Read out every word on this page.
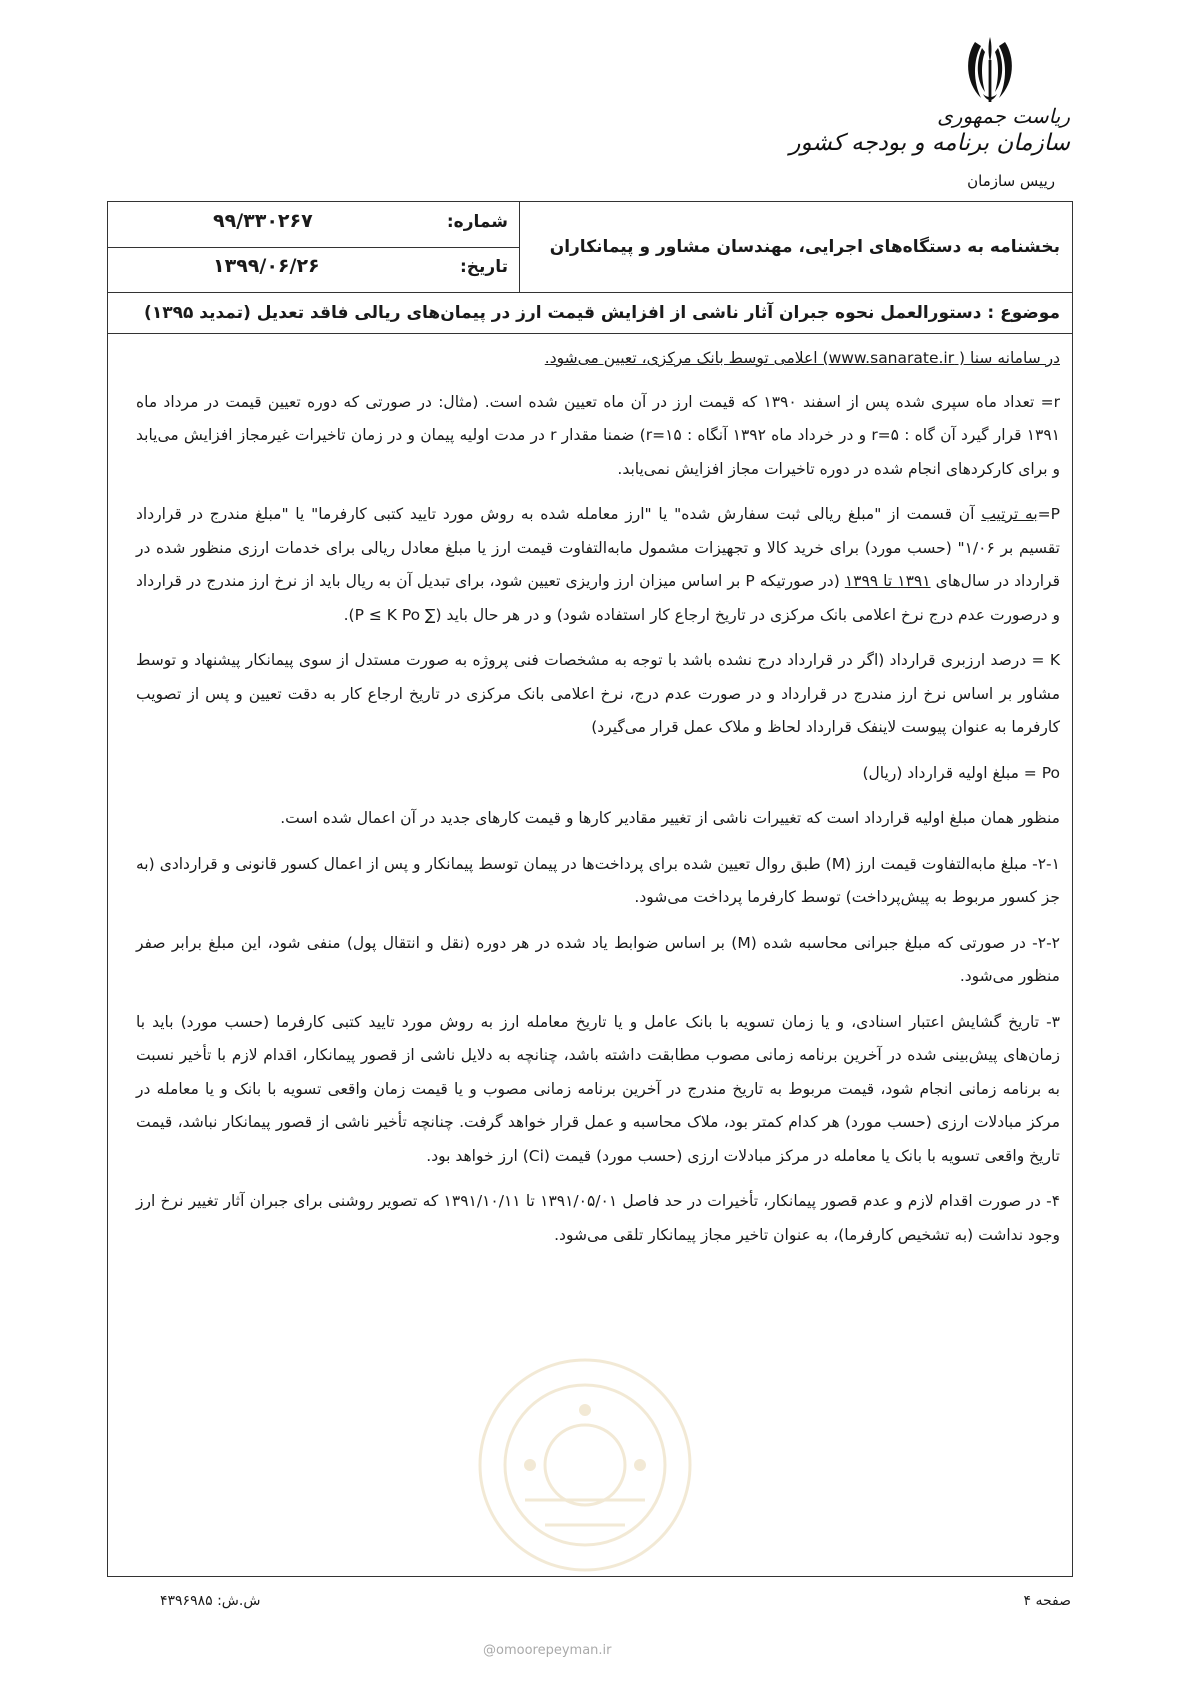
ریاست جمهوری
سازمان برنامه و بودجه کشور
رییس سازمان
بخشنامه به دستگاه‌های اجرایی، مهندسان مشاور و پیمانکاران
شماره:
۹۹/۳۳۰۲۶۷
تاریخ:
۱۳۹۹/۰۶/۲۶
موضوع : دستورالعمل نحوه جبران آثار ناشی از افزایش قیمت ارز در پیمان‌های ریالی فاقد تعدیل (تمدید ۱۳۹۵)

در سامانه سنا ( www.sanarate.ir) اعلامی توسط بانک مرکزی، تعیین می‌شود.

r= تعداد ماه سپری شده پس از اسفند ۱۳۹۰ که قیمت ارز در آن ماه تعیین شده است. (مثال: در صورتی که دوره تعیین قیمت در مرداد ماه ۱۳۹۱ قرار گیرد آن گاه : r=۵ و در خرداد ماه ۱۳۹۲ آنگاه : r=۱۵) ضمنا مقدار r در مدت اولیه پیمان و در زمان تاخیرات غیرمجاز افزایش می‌یابد و برای کارکردهای انجام شده در دوره تاخیرات مجاز افزایش نمی‌یابد.

P=به ترتیب آن قسمت از "مبلغ ریالی ثبت سفارش شده" یا "ارز معامله شده به روش مورد تایید کتبی کارفرما" یا "مبلغ مندرج در قرارداد تقسیم بر ۱/۰۶" (حسب مورد) برای خرید کالا و تجهیزات مشمول مابه‌التفاوت قیمت ارز یا مبلغ معادل ریالی برای خدمات ارزی منظور شده در قرارداد در سال‌های ۱۳۹۱ تا ۱۳۹۹ (در صورتیکه P بر اساس میزان ارز واریزی تعیین شود، برای تبدیل آن به ریال باید از نرخ ارز مندرج در قرارداد و درصورت عدم درج نرخ اعلامی بانک مرکزی در تاریخ ارجاع کار استفاده شود) و در هر حال باید (∑ P ≤ K Po).

K = درصد ارزبری قرارداد (اگر در قرارداد درج نشده باشد با توجه به مشخصات فنی پروژه به صورت مستدل از سوی پیمانکار پیشنهاد و توسط مشاور بر اساس نرخ ارز مندرج در قرارداد و در صورت عدم درج، نرخ اعلامی بانک مرکزی در تاریخ ارجاع کار به دقت تعیین و پس از تصویب کارفرما به عنوان پیوست لاینفک قرارداد لحاظ و ملاک عمل قرار می‌گیرد)

Po = مبلغ اولیه قرارداد (ریال)

منظور همان مبلغ اولیه قرارداد است که تغییرات ناشی از تغییر مقادیر کارها و قیمت کارهای جدید در آن اعمال شده است.

۲-۱- مبلغ مابه‌التفاوت قیمت ارز (M) طبق روال تعیین شده برای پرداخت‌ها در پیمان توسط پیمانکار و پس از اعمال کسور قانونی و قراردادی (به جز کسور مربوط به پیش‌پرداخت) توسط کارفرما پرداخت می‌شود.

۲-۲- در صورتی که مبلغ جبرانی محاسبه شده (M) بر اساس ضوابط یاد شده در هر دوره (نقل و انتقال پول) منفی شود، این مبلغ برابر صفر منظور می‌شود.

۳- تاریخ گشایش اعتبار اسنادی، و یا زمان تسویه با بانک عامل و یا تاریخ معامله ارز به روش مورد تایید کتبی کارفرما (حسب مورد) باید با زمان‌های پیش‌بینی شده در آخرین برنامه زمانی مصوب مطابقت داشته باشد، چنانچه به دلایل ناشی از قصور پیمانکار، اقدام لازم با تأخیر نسبت به برنامه زمانی انجام شود، قیمت مربوط به تاریخ مندرج در آخرین برنامه زمانی مصوب و یا قیمت زمان واقعی تسویه با بانک و یا معامله در مرکز مبادلات ارزی (حسب مورد) هر کدام کمتر بود، ملاک محاسبه و عمل قرار خواهد گرفت. چنانچه تأخیر ناشی از قصور پیمانکار نباشد، قیمت تاریخ واقعی تسویه با بانک یا معامله در مرکز مبادلات ارزی (حسب مورد) قیمت (Ci) ارز خواهد بود.

۴- در صورت اقدام لازم و عدم قصور پیمانکار، تأخیرات در حد فاصل ۱۳۹۱/۰۵/۰۱ تا ۱۳۹۱/۱۰/۱۱ که تصویر روشنی برای جبران آثار تغییر نرخ ارز وجود نداشت (به تشخیص کارفرما)، به عنوان تاخیر مجاز پیمانکار تلقی می‌شود.

صفحه ۴
ش.ش: ۴۳۹۶۹۸۵
@omoorepeyman.ir
